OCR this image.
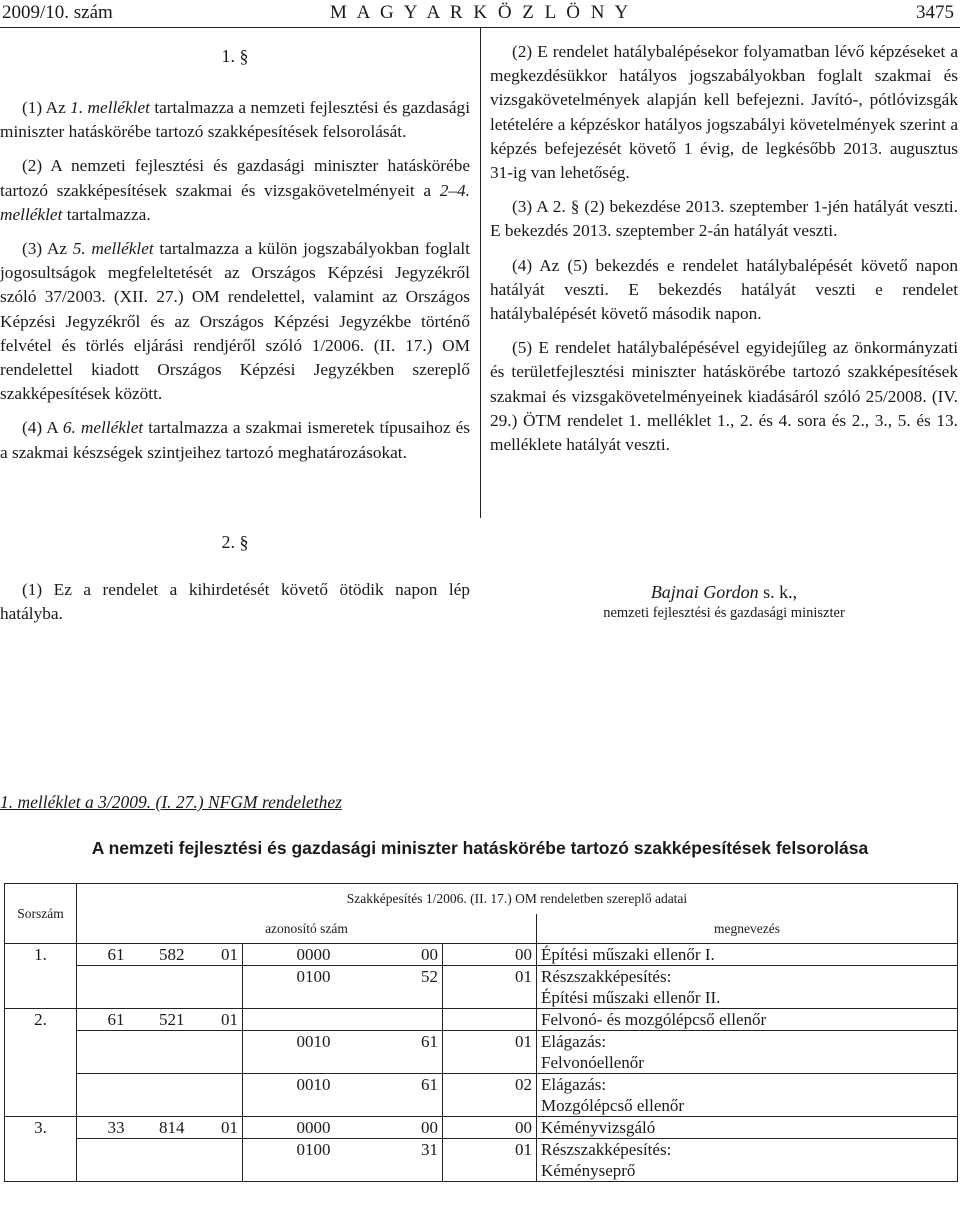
2009/10. szám	M A G Y A R K Ö Z L Ö N Y	3475
1. §

(1) Az 1. melléklet tartalmazza a nemzeti fejlesztési és gazdasági miniszter hatáskörébe tartozó szakképesítések felsorolását.

(2) A nemzeti fejlesztési és gazdasági miniszter hatáskörébe tartozó szakképesítések szakmai és vizsgakövetelményeit a 2–4. melléklet tartalmazza.

(3) Az 5. melléklet tartalmazza a külön jogszabályokban foglalt jogosultságok megfeleltetését az Országos Képzési Jegyzékről szóló 37/2003. (XII. 27.) OM rendelettel, valamint az Országos Képzési Jegyzékről és az Országos Képzési Jegyzékbe történő felvétel és törlés eljárási rendjéről szóló 1/2006. (II. 17.) OM rendelettel kiadott Országos Képzési Jegyzékben szereplő szakképesítések között.

(4) A 6. melléklet tartalmazza a szakmai ismeretek típusaihoz és a szakmai készségek szintjeihez tartozó meghatározásokat.

(2) E rendelet hatálybalépésekor folyamatban lévő képzéseket a megkezdésükkor hatályos jogszabályokban foglalt szakmai és vizsgakövetelmények alapján kell befejezni. Javító-, pótlóvizsgák letételére a képzéskor hatályos jogszabályi követelmények szerint a képzés befejezését követő 1 évig, de legkésőbb 2013. augusztus 31-ig van lehetőség.

(3) A 2. § (2) bekezdése 2013. szeptember 1-jén hatályát veszti. E bekezdés 2013. szeptember 2-án hatályát veszti.

(4) Az (5) bekezdés e rendelet hatálybalépését követő napon hatályát veszti. E bekezdés hatályát veszti e rendelet hatálybalépését követő második napon.

(5) E rendelet hatálybalépésével egyidejűleg az önkormányzati és területfejlesztési miniszter hatáskörébe tartozó szakképesítések szakmai és vizsgakövetelményeinek kiadásáról szóló 25/2008. (IV. 29.) ÖTM rendelet 1. melléklet 1., 2. és 4. sora és 2., 3., 5. és 13. melléklete hatályát veszti.

2. §

(1) Ez a rendelet a kihirdetését követő ötödik napon lép hatályba.

Bajnai Gordon s. k.,
nemzeti fejlesztési és gazdasági miniszter
1. melléklet a 3/2009. (I. 27.) NFGM rendelethez
A nemzeti fejlesztési és gazdasági miniszter hatáskörébe tartozó szakképesítések felsorolása
Sorszám	Szakképesítés 1/2006. (II. 17.) OM rendeletben szereplő adatai						
	azonosító szám						megnevezés
1.	61	582	01	0000	00	00	Építési műszaki ellenőr I.

				0100	52	01	Részszakképesítés:
Építési műszaki ellenőr II.

2.	61	521	01				Felvonó- és mozgólépcső ellenőr

				0010	61	01	Elágazás:
Felvonóellenőr

				0010	61	02	Elágazás:
Mozgólépcső ellenőr

3.	33	814	01	0000	00	00	Kéményvizsgáló

				0100	31	01	Részszakképesítés:
Kéményseprő
